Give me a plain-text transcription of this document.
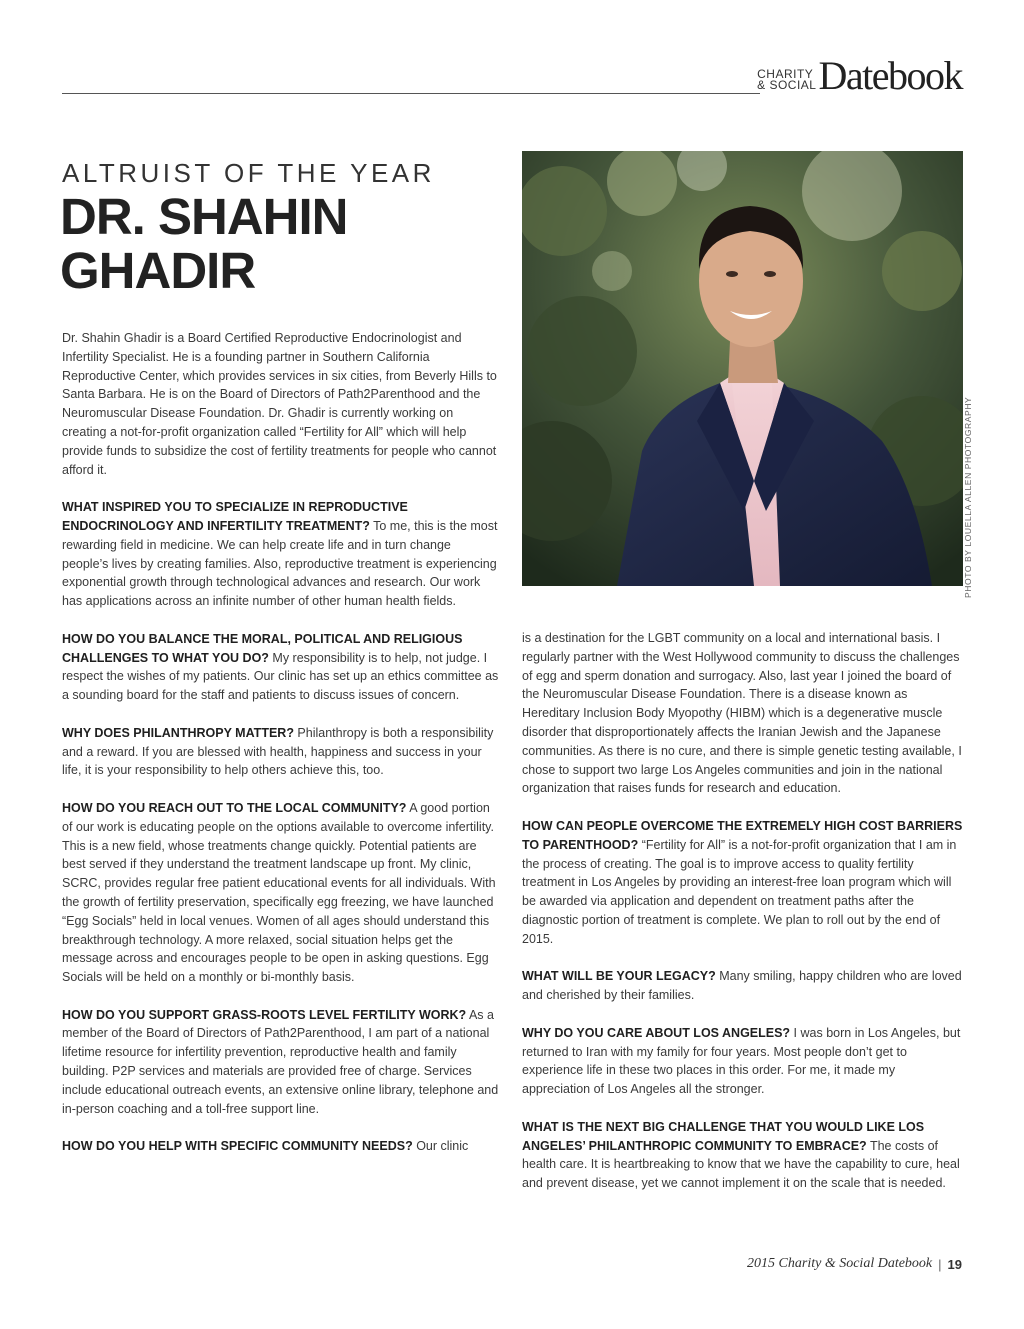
CHARITY
& SOCIAL Datebook
ALTRUIST OF THE YEAR
DR. SHAHIN
GHADIR
PHOTO BY LOUELLA ALLEN PHOTOGRAPHY

Dr. Shahin Ghadir is a Board Certified Reproductive Endocrinologist and Infertility Specialist. He is a founding partner in Southern California Reproductive Center, which provides services in six cities, from Beverly Hills to Santa Barbara. He is on the Board of Directors of Path2Parenthood and the Neuromuscular Disease Foundation. Dr. Ghadir is currently working on creating a not-for-profit organization called “Fertility for All” which will help provide funds to subsidize the cost of fertility treatments for people who cannot afford it.

WHAT INSPIRED YOU TO SPECIALIZE IN REPRODUCTIVE ENDOCRINOLOGY AND INFERTILITY TREATMENT? To me, this is the most rewarding field in medicine. We can help create life and in turn change people’s lives by creating families. Also, reproductive treatment is experiencing exponential growth through technological advances and research. Our work has applications across an infinite number of other human health fields.

HOW DO YOU BALANCE THE MORAL, POLITICAL AND RELIGIOUS CHALLENGES TO WHAT YOU DO? My responsibility is to help, not judge. I respect the wishes of my patients. Our clinic has set up an ethics committee as a sounding board for the staff and patients to discuss issues of concern.

WHY DOES PHILANTHROPY MATTER? Philanthropy is both a responsibility and a reward. If you are blessed with health, happiness and success in your life, it is your responsibility to help others achieve this, too.

HOW DO YOU REACH OUT TO THE LOCAL COMMUNITY? A good portion of our work is educating people on the options available to overcome infertility. This is a new field, whose treatments change quickly. Potential patients are best served if they understand the treatment landscape up front. My clinic, SCRC, provides regular free patient educational events for all individuals. With the growth of fertility preservation, specifically egg freezing, we have launched “Egg Socials” held in local venues. Women of all ages should understand this breakthrough technology. A more relaxed, social situation helps get the message across and encourages people to be open in asking questions. Egg Socials will be held on a monthly or bi-monthly basis.

HOW DO YOU SUPPORT GRASS-ROOTS LEVEL FERTILITY WORK? As a member of the Board of Directors of Path2Parenthood, I am part of a national lifetime resource for infertility prevention, reproductive health and family building. P2P services and materials are provided free of charge. Services include educational outreach events, an extensive online library, telephone and in-person coaching and a toll-free support line.

HOW DO YOU HELP WITH SPECIFIC COMMUNITY NEEDS? Our clinic

is a destination for the LGBT community on a local and international basis. I regularly partner with the West Hollywood community to discuss the challenges of egg and sperm donation and surrogacy. Also, last year I joined the board of the Neuromuscular Disease Foundation. There is a disease known as Hereditary Inclusion Body Myopothy (HIBM) which is a degenerative muscle disorder that disproportionately affects the Iranian Jewish and the Japanese communities. As there is no cure, and there is simple genetic testing available, I chose to support two large Los Angeles communities and join in the national organization that raises funds for research and education.

HOW CAN PEOPLE OVERCOME THE EXTREMELY HIGH COST BARRIERS TO PARENTHOOD? “Fertility for All” is a not-for-profit organization that I am in the process of creating. The goal is to improve access to quality fertility treatment in Los Angeles by providing an interest-free loan program which will be awarded via application and dependent on treatment paths after the diagnostic portion of treatment is complete. We plan to roll out by the end of 2015.

WHAT WILL BE YOUR LEGACY? Many smiling, happy children who are loved and cherished by their families.

WHY DO YOU CARE ABOUT LOS ANGELES? I was born in Los Angeles, but returned to Iran with my family for four years. Most people don’t get to experience life in these two places in this order. For me, it made my appreciation of Los Angeles all the stronger.

WHAT IS THE NEXT BIG CHALLENGE THAT YOU WOULD LIKE LOS ANGELES’ PHILANTHROPIC COMMUNITY TO EMBRACE? The costs of health care. It is heartbreaking to know that we have the capability to cure, heal and prevent disease, yet we cannot implement it on the scale that is needed.

2015 Charity & Social Datebook | 19
